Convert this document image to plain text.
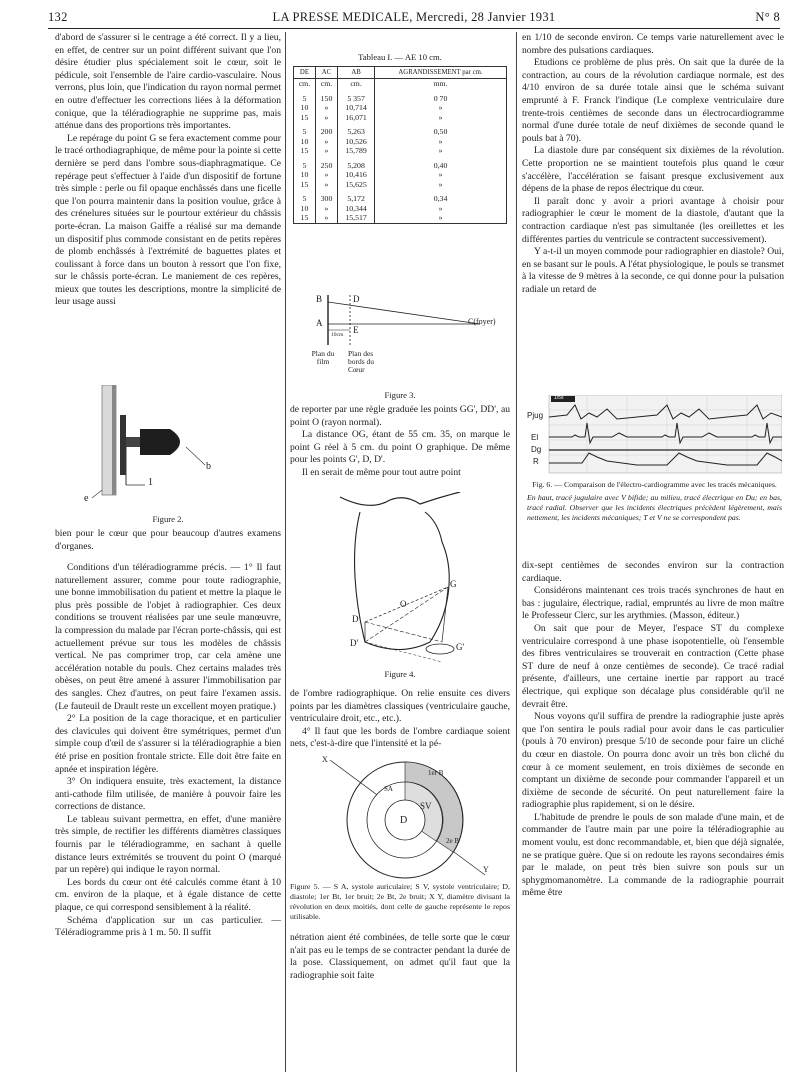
132	LA PRESSE MEDICALE, Mercredi, 28 Janvier 1931	N° 8

d'abord de s'assurer si le centrage a été correct. Il y a lieu, en effet, de centrer sur un point différent suivant que l'on désire étudier plus spécialement soit le cœur, soit le pédicule, soit l'ensemble de l'aire cardio-vasculaire. Nous verrons, plus loin, que l'indication du rayon normal permet en outre d'effectuer les corrections liées à la déformation conique, que la téléradiographie ne supprime pas, mais atténue dans des proportions très importantes.

Le repérage du point G se fera exactement comme pour le tracé orthodiagraphique, de même pour la pointe si cette dernière se perd dans l'ombre sous-diaphragmatique. Ce repérage peut s'effectuer à l'aide d'un dispositif de fortune très simple : perle ou fil opaque enchâssés dans une ficelle que l'on pourra maintenir dans la position voulue, grâce à des crénelures situées sur le pourtour extérieur du châssis porte-écran. La maison Gaiffe a réalisé sur ma demande un dispositif plus commode consistant en de petits repères de plomb enchâssés à l'extrémité de baguettes plates et coulissant à force dans un bouton à ressort que l'on fixe, sur le châssis porte-écran. Le maniement de ces repères, mieux que toutes les descriptions, montre la simplicité de leur usage aussi

b
1
e
Figure 2.

bien pour le cœur que pour beaucoup d'autres examens d'organes.

Conditions d'un téléradiogramme précis. — 1° Il faut naturellement assurer, comme pour toute radiographie, une bonne immobilisation du patient et mettre la plaque le plus près possible de l'objet à radiographier. Ces deux conditions se trouvent réalisées par une seule manœuvre, la compression du malade par l'écran porte-châssis, qui est actuellement prévue sur tous les modèles de châssis vertical. Ne pas comprimer trop, car cela amène une accélération notable du pouls. Chez certains malades très obèses, on peut être amené à assurer l'immobilisation par des sangles. Chez d'autres, on peut faire l'examen assis. (Le fauteuil de Drault reste un excellent moyen pratique.)

2° La position de la cage thoracique, et en particulier des clavicules qui doivent être symétriques, permet d'un simple coup d'œil de s'assurer si la téléradiographie a bien été prise en position frontale stricte. Elle doit être faite en apnée et inspiration légère.

3° On indiquera ensuite, très exactement, la distance anti-cathode film utilisée, de manière à pouvoir faire les corrections de distance.

Le tableau suivant permettra, en effet, d'une manière très simple, de rectifier les différents diamètres classiques fournis par le téléradiogramme, en sachant à quelle distance leurs extrémités se trouvent du point O (marqué par un repère) qui indique le rayon normal.

Les bords du cœur ont été calculés comme étant à 10 cm. environ de la plaque, et à égale distance de cette plaque, ce qui correspond sensiblement à la réalité.

Schéma d'application sur un cas particulier. — Téléradiogramme pris à 1 m. 50. Il suffit

Tableau I. — AE 10 cm.
DE	AC	AB	AGRANDISSEMENT par cm.
cm.	cm.	cm.	mm.

5	150	5 357	0 70
10	»	10,714	»
15	»	16,071	»

5	200	5,263	0,50
10	»	10,526	»
15	»	15,789	»

5	250	5,208	0,40
10	»	10,416	»
15	»	15,625	»

5	300	5,172	0,34
10	»	10,344	»
15	»	15,517	»
B	D
A
E
C(foyer)
10cm
Plan du film
Plan des bords du Cœur
Figure 3.

de reporter par une règle graduée les points GG', DD', au point O (rayon normal).

La distance OG, étant de 55 cm. 35, on marque le point G réel à 5 cm. du point O graphique. De même pour les points G', D, D'.

Il en serait de même pour tout autre point

G
O
D
D'	G'
Figure 4.

de l'ombre radiographique. On relie ensuite ces divers points par les diamètres classiques (ventriculaire gauche, ventriculaire droit, etc., etc.).

4° Il faut que les bords de l'ombre cardiaque soient nets, c'est-à-dire que l'intensité et la pé-

X
Y
D
SA
SV
1er B
2e B
Figure 5. — S A, systole auriculaire; S V, systole ventriculaire; D, diastole; 1er Bt, 1er bruit; 2e Bt, 2e bruit; X Y, diamètre divisant la révolution en deux moitiés, dont celle de gauche représente le repos utilisable.

nétration aient été combinées, de telle sorte que le cœur n'ait pas eu le temps de se contracter pendant la durée de la pose. Classiquement, on admet qu'il faut que la radiographie soit faite

en 1/10 de seconde environ. Ce temps varie naturellement avec le nombre des pulsations cardiaques.

Etudions ce problème de plus près. On sait que la durée de la contraction, au cours de la révolution cardiaque normale, est des 4/10 environ de sa durée totale ainsi que le schéma suivant emprunté à F. Franck l'indique (Le complexe ventriculaire dure trente-trois centièmes de seconde dans un électrocardiogramme normal d'une durée totale de neuf dixièmes de seconde quand le pouls bat à 70).

La diastole dure par conséquent six dixièmes de la révolution. Cette proportion ne se maintient toutefois plus quand le cœur s'accélère, l'accélération se faisant presque exclusivement aux dépens de la phase de repos électrique du cœur.

Il paraît donc y avoir a priori avantage à choisir pour radiographier le cœur le moment de la diastole, d'autant que la contraction cardiaque n'est pas simultanée (les oreillettes et les différentes parties du ventricule se contractent successivement).

Y a-t-il un moyen commode pour radiographier en diastole? Oui, en se basant sur le pouls. A l'état physiologique, le pouls se transmet à la vitesse de 9 mètres à la seconde, ce qui donne pour la pulsation radiale un retard de

Pjug
El
Dg
R
1/5s

Fig. 6. — Comparaison de l'électro-cardiogramme avec les tracés mécaniques.

En haut, tracé jugulaire avec V bifide; au milieu, tracé électrique en Du; en bas, tracé radial. Observer que les incidents électriques précèdent légèrement, mais nettement, les incidents mécaniques; T et V ne se correspondent pas.

dix-sept centièmes de secondes environ sur la contraction cardiaque.

Considérons maintenant ces trois tracés synchrones de haut en bas : jugulaire, électrique, radial, empruntés au livre de mon maître le Professeur Clerc, sur les arythmies. (Masson, éditeur.)

On sait que pour de Meyer, l'espace ST du complexe ventriculaire correspond à une phase isopotentielle, où l'ensemble des fibres ventriculaires se trouverait en contraction (Cette phase ST dure de neuf à onze centièmes de seconde). Ce tracé radial présente, d'ailleurs, une certaine inertie par rapport au tracé électrique, qui explique son décalage plus considérable qu'il ne devrait être.

Nous voyons qu'il suffira de prendre la radiographie juste après que l'on sentira le pouls radial pour avoir dans le cas particulier (pouls à 70 environ) presque 5/10 de seconde pour faire un cliché du cœur en diastole. On pourra donc avoir un très bon cliché du cœur à ce moment seulement, en trois dixièmes de seconde en comptant un dixième de seconde pour commander l'appareil et un dixième de seconde de sécurité. On peut naturellement faire la radiographie plus rapidement, si on le désire.

L'habitude de prendre le pouls de son malade d'une main, et de commander de l'autre main par une poire la téléradiographie au moment voulu, est donc recommandable, et, bien que déjà signalée, ne se pratique guère. Que si on redoute les rayons secondaires émis par le malade, on peut très bien suivre son pouls sur un sphygmomanomètre. La commande de la radiographie pourrait même être
